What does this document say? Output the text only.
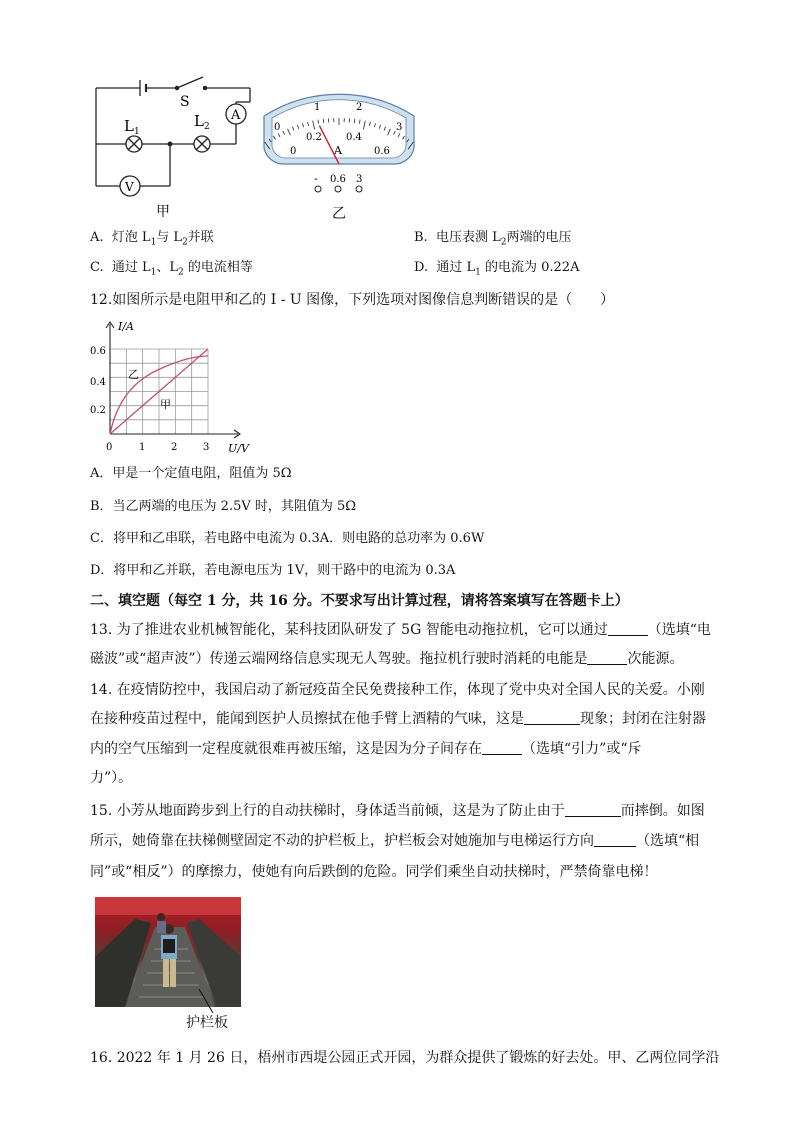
S
A
V
$L_1$
$L_2$
甲
0
1	2
3
0
0.2 0.4
0.6
A
- 0.6 3
乙
A. 灯泡 $L_1$与 $L_2$并联	B. 电压表测 $L_2$两端的电压
C. 通过 $L_1$、$L_2$ 的电流相等	D. 通过 $L_1$ 的电流为 0.22A
12.如图所示是电阻甲和乙的 I - U 图像，下列选项对图像信息判断错误的是（　　）
I/A
U/V
0.2
0.4
0.6
0	1	2	3
乙
甲
A．甲是一个定值电阻，阻值为 5Ω
B．当乙两端的电压为 2.5V 时，其阻值为 5Ω
C．将甲和乙串联，若电路中电流为 0.3A．则电路的总功率为 0.6W
D．将甲和乙并联，若电源电压为 1V，则干路中的电流为 0.3A
二、填空题（每空 1 分，共 16 分。不要求写出计算过程，请将答案填写在答题卡上）
13. 为了推进农业机械智能化，某科技团队研发了 5G 智能电动拖拉机，它可以通过	（选填“电
磁波”或“超声波”）传递云端网络信息实现无人驾驶。拖拉机行驶时消耗的电能是	次能源。
14. 在疫情防控中，我国启动了新冠疫苗全民免费接种工作，体现了党中央对全国人民的关爱。小刚
在接种疫苗过程中，能闻到医护人员擦拭在他手臂上酒精的气味，这是	现象；封闭在注射器
内的空气压缩到一定程度就很难再被压缩，这是因为分子间存在	（选填“引力”或“斥
力”）。
15. 小芳从地面跨步到上行的自动扶梯时，身体适当前倾，这是为了防止由于	而摔倒。如图
所示，她倚靠在扶梯侧壁固定不动的护栏板上，护栏板会对她施加与电梯运行方向	（选填“相
同”或“相反”）的摩擦力，使她有向后跌倒的危险。同学们乘坐自动扶梯时，严禁倚靠电梯！
护栏板
16. 2022 年 1 月 26 日，梧州市西堤公园正式开园，为群众提供了锻炼的好去处。甲、乙两位同学沿
